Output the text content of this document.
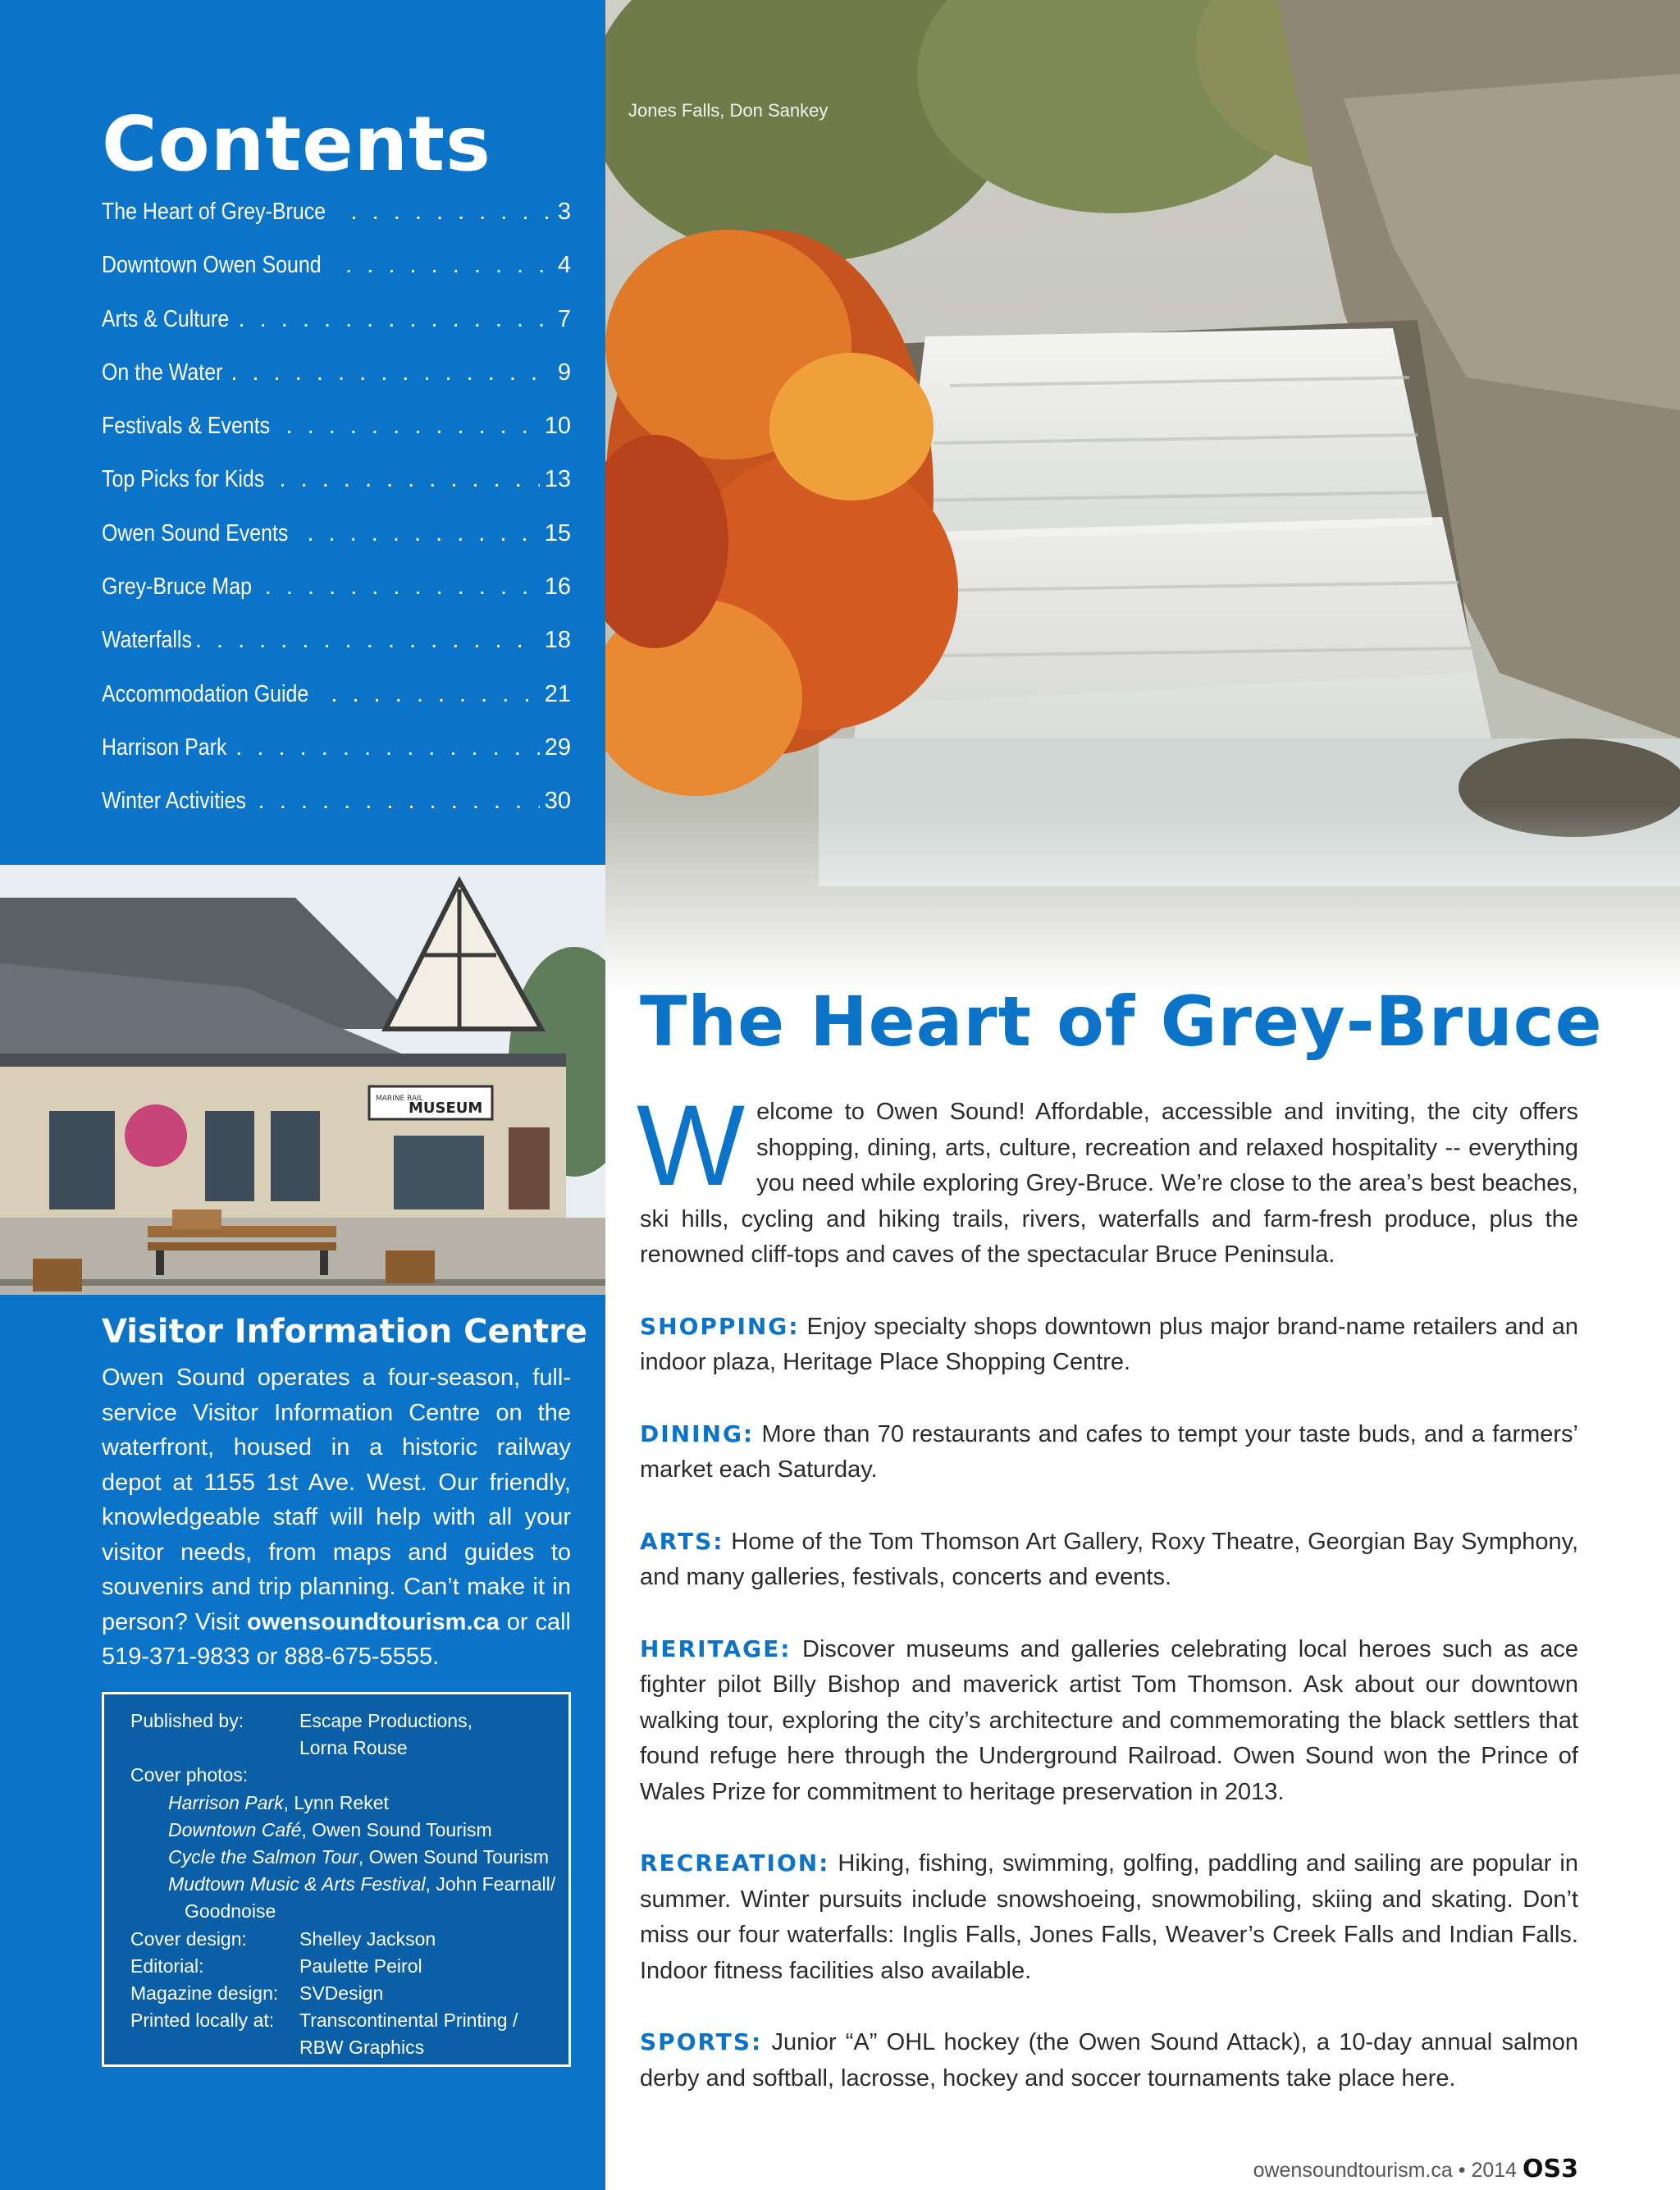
Contents
The Heart of Grey-Bruce . . .	3
Downtown Owen Sound . . .	4
Arts & Culture . . .	7
On the Water . . .	9
Festivals & Events . . .	10
Top Picks for Kids . . .	13
Owen Sound Events . . .	15
Grey-Bruce Map . . .	16
Waterfalls . . .	18
Accommodation Guide . . .	21
Harrison Park . . .	29
Winter Activities . . .	30
MARINE RAIL
MUSEUM
Visitor Information Centre

Owen Sound operates a four-season, full-service Visitor Information Centre on the waterfront, housed in a historic railway depot at 1155 1st Ave. West. Our friendly, knowledgeable staff will help with all your visitor needs, from maps and guides to souvenirs and trip planning. Can’t make it in person? Visit owensoundtourism.ca or call 519-371-9833 or 888-675-5555.

Published by:	Escape Productions,
Lorna Rouse
Cover photos:
Harrison Park, Lynn Reket
Downtown Café, Owen Sound Tourism
Cycle the Salmon Tour, Owen Sound Tourism
Mudtown Music & Arts Festival, John Fearnall/
Goodnoise
Cover design:	Shelley Jackson
Editorial:	Paulette Peirol
Magazine design:	SVDesign
Printed locally at:	Transcontinental Printing /
RBW Graphics
Jones Falls, Don Sankey
The Heart of Grey-Bruce

Welcome to Owen Sound! Affordable, accessible and inviting, the city offers shopping, dining, arts, culture, recreation and relaxed hospitality -- everything you need while exploring Grey-Bruce. We’re close to the area’s best beaches, ski hills, cycling and hiking trails, rivers, waterfalls and farm-fresh produce, plus the renowned cliff-tops and caves of the spectacular Bruce Peninsula.

SHOPPING: Enjoy specialty shops downtown plus major brand-name retailers and an indoor plaza, Heritage Place Shopping Centre.

DINING: More than 70 restaurants and cafes to tempt your taste buds, and a farmers’ market each Saturday.

ARTS: Home of the Tom Thomson Art Gallery, Roxy Theatre, Georgian Bay Symphony, and many galleries, festivals, concerts and events.

HERITAGE: Discover museums and galleries celebrating local heroes such as ace fighter pilot Billy Bishop and maverick artist Tom Thomson. Ask about our downtown walking tour, exploring the city’s architecture and commemorating the black settlers that found refuge here through the Underground Railroad. Owen Sound won the Prince of Wales Prize for commitment to heritage preservation in 2013.

RECREATION: Hiking, fishing, swimming, golfing, paddling and sailing are popular in summer. Winter pursuits include snowshoeing, snowmobiling, skiing and skating. Don’t miss our four waterfalls: Inglis Falls, Jones Falls, Weaver’s Creek Falls and Indian Falls. Indoor fitness facilities also available.

SPORTS: Junior “A” OHL hockey (the Owen Sound Attack), a 10-day annual salmon derby and softball, lacrosse, hockey and soccer tournaments take place here.

owensoundtourism.ca • 2014 OS3
